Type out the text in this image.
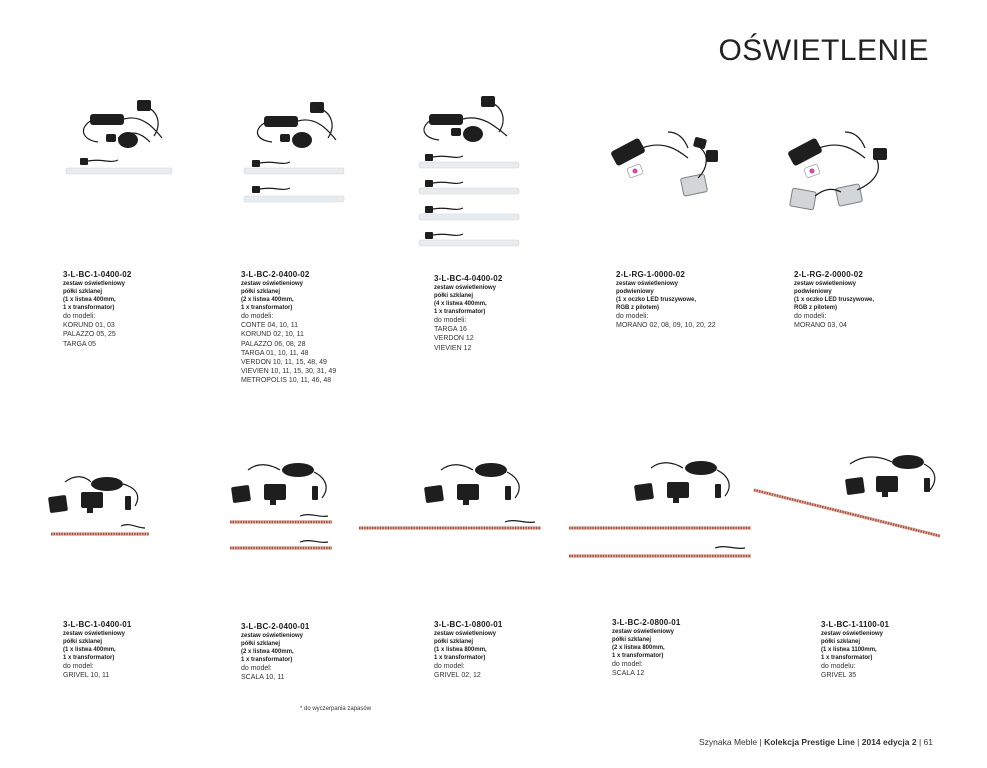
OŚWIETLENIE
3-L-BC-1-0400-02
zestaw oświetleniowy
półki szklanej
(1 x listwa 400mm,
1 x transformator)
do modeli:
KORUND 01, 03
PALAZZO 05, 25
TARGA 05
3-L-BC-2-0400-02
zestaw oświetleniowy
półki szklanej
(2 x listwa 400mm,
1 x transformator)
do modeli:
CONTE 04, 10, 11
KORUND 02, 10, 11
PALAZZO 06, 08, 28
TARGA 01, 10, 11, 48
VERDON 10, 11, 15, 48, 49
VIEVIEN 10, 11, 15, 30, 31, 49
METROPOLIS 10, 11, 46, 48
3-L-BC-4-0400-02
zestaw oświetleniowy
półki szklanej
(4 x listwa 400mm,
1 x transformator)
do modeli:
TARGA 16
VERDON 12
VIEVIEN 12
2-L-RG-1-0000-02
zestaw oświetleniowy
podwieniowy
(1 x oczko LED truszywowe,
RGB z pilotem)
do modeli:
MORANO 02, 08, 09, 10, 20, 22
2-L-RG-2-0000-02
zestaw oświetleniowy
podwieniowy
(1 x oczko LED truszywowe,
RGB z pilotem)
do modeli:
MORANO 03, 04
3-L-BC-1-0400-01
zestaw oświetleniowy
półki szklanej
(1 x listwa 400mm,
1 x transformator)
do model:
GRIVEL 10, 11
3-L-BC-2-0400-01
zestaw oświetleniowy
półki szklanej
(2 x listwa 400mm,
1 x transformator)
do model:
SCALA 10, 11
3-L-BC-1-0800-01
zestaw oświetleniowy
półki szklanej
(1 x listwa 800mm,
1 x transformator)
do model:
GRIVEL 02, 12
3-L-BC-2-0800-01
zestaw oświetleniowy
półki szklanej
(2 x listwa 800mm,
1 x transformator)
do model:
SCALA 12
3-L-BC-1-1100-01
zestaw oświetleniowy
półki szklanej
(1 x listwa 1100mm,
1 x transformator)
do modelu:
GRIVEL 35
* do wyczerpania zapasów
Szynaka Meble | Kolekcja Prestige Line | 2014 edycja 2 | 61
